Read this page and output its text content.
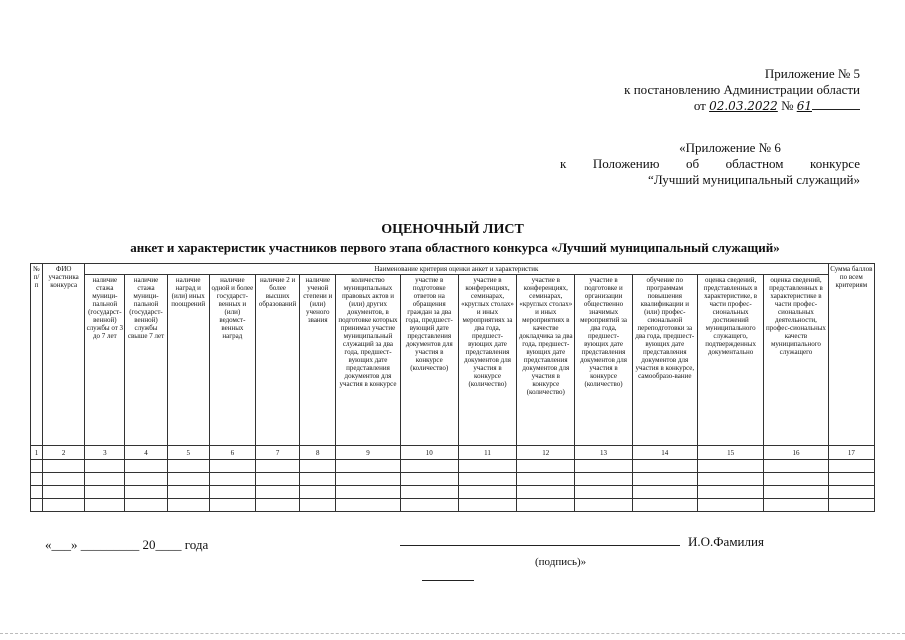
Приложение № 5
к постановлению Администрации области
от 02.03.2022 № 61
«Приложение № 6
к Положению об областном конкурсе
“Лучший муниципальный служащий»
ОЦЕНОЧНЫЙ ЛИСТ
анкет и характеристик участников первого этапа областного конкурса «Лучший муниципальный служащий»
№ п/п	ФИО участника конкурса	Наименование критерия оценки анкет и характеристик														Сумма баллов по всем критериям
		наличие стажа муници-пальной (государст-венной) службы от 3 до 7 лет	наличие стажа муници-пальной (государст-венной) службы свыше 7 лет	наличие наград и (или) иных поощрений	наличие одной и более государст-венных и (или) ведомст-венных наград	наличие 2 и более высших образований	наличие ученой степени и (или) ученого звания	количество муниципальных правовых актов и (или) других документов, в подготовке которых принимал участие муниципальный служащий за два года, предшест-вующих дате представления документов для участия в конкурсе	участие в подготовке ответов на обращения граждан за два года, предшест-вующий дате представления документов для участия в конкурсе (количество)	участие в конференциях, семинарах, «круглых столах» и иных мероприятиях за два года, предшест-вующих дате представления документов для участия в конкурсе (количество)	участие в конференциях, семинарах, «круглых столах» и иных мероприятиях в качестве докладчика за два года, предшест-вующих дате представления документов для участия в конкурсе (количество)	участие в подготовке и организации общественно значимых мероприятий за два года, предшест-вующих дате представления документов для участия в конкурсе (количество)	обучение по программам повышения квалификации и (или) профес-сиональной переподготовки за два года, предшест-вующих дате представления документов для участия в конкурсе, самообразо-вание	оценка сведений, представленных в характеристике, в части профес-сиональных достижений муниципального служащего, подтвержденных документально	оценка сведений, представленных в характеристике в части профес-сиональных деятельности, профес-сиональных качеств муниципального служащего	
1	2	3	4	5	6	7	8	9	10	11	12	13	14	15	16	17

«___» _________ 20____ года	И.О.Фамилия
(подпись)»
